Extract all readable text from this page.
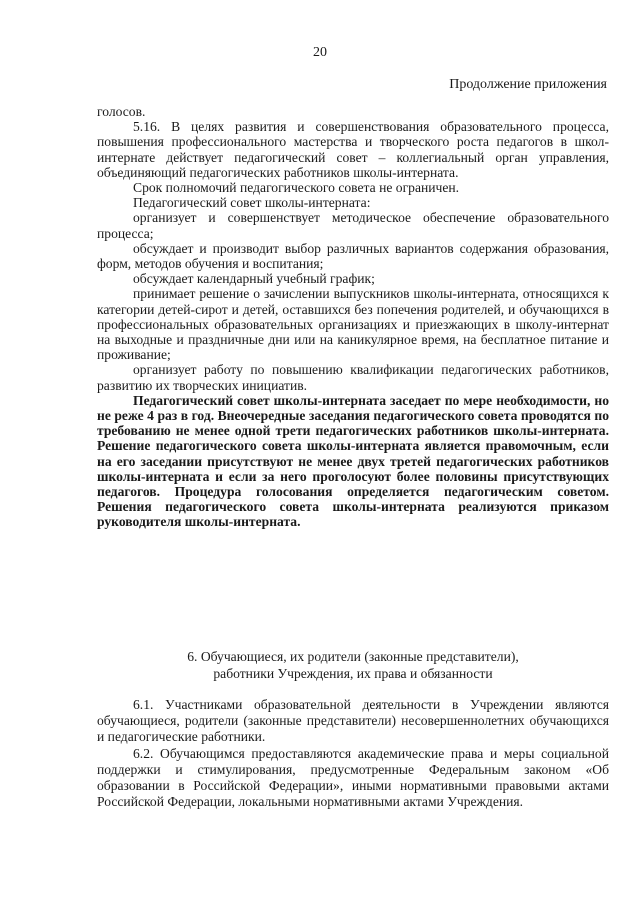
20
Продолжение приложения

голосов.

5.16. В целях развития и совершенствования образовательного процесса, повышения профессионального мастерства и творческого роста педагогов в школ-интернате действует педагогический совет – коллегиальный орган управления, объединяющий педагогических работников школы-интерната.

Срок полномочий педагогического совета не ограничен.

Педагогический совет школы-интерната:

организует и совершенствует методическое обеспечение образовательного процесса;

обсуждает и производит выбор различных вариантов содержания образования, форм, методов обучения и воспитания;

обсуждает календарный учебный график;

принимает решение о зачислении выпускников школы-интерната, относящихся к категории детей-сирот и детей, оставшихся без попечения родителей, и обучающихся в профессиональных образовательных организациях и приезжающих в школу-интернат на выходные и праздничные дни или на каникулярное время, на бесплатное питание и проживание;

организует работу по повышению квалификации педагогических работников, развитию их творческих инициатив.

Педагогический совет школы-интерната заседает по мере необходимости, но не реже 4 раз в год. Внеочередные заседания педагогического совета проводятся по требованию не менее одной трети педагогических работников школы-интерната. Решение педагогического совета школы-интерната является правомочным, если на его заседании присутствуют не менее двух третей педагогических работников школы-интерната и если за него проголосуют более половины присутствующих педагогов. Процедура голосования определяется педагогическим советом. Решения педагогического совета школы-интерната реализуются приказом руководителя школы-интерната.

6. Обучающиеся, их родители (законные представители),
работники Учреждения, их права и обязанности

6.1. Участниками образовательной деятельности в Учреждении являются обучающиеся, родители (законные представители) несовершеннолетних обучающихся и педагогические работники.

6.2. Обучающимся предоставляются академические права и меры социальной поддержки и стимулирования, предусмотренные Федеральным законом «Об образовании в Российской Федерации», иными нормативными правовыми актами Российской Федерации, локальными нормативными актами Учреждения.
